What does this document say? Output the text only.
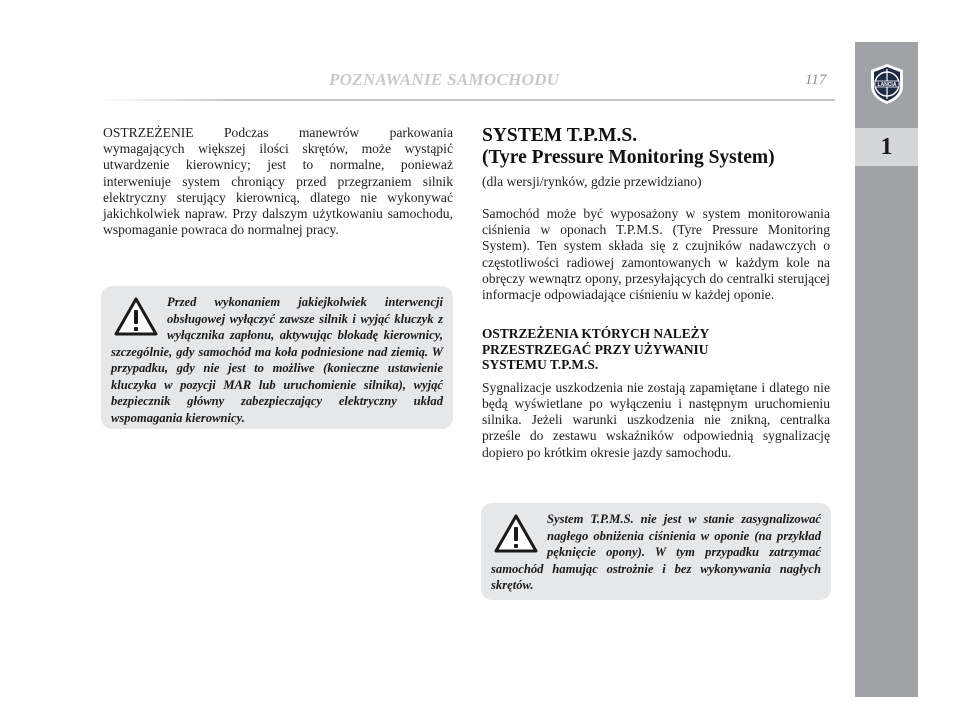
POZNAWANIE SAMOCHODU	117	LANCIA
1

OSTRZEŻENIE Podczas manewrów parkowania wymagających większej ilości skrętów, może wystąpić utwardzenie kierownicy; jest to normalne, ponieważ interweniuje system chroniący przed przegrzaniem silnik elektryczny sterujący kierownicą, dlatego nie wykonywać jakichkolwiek napraw. Przy dalszym użytkowaniu samochodu, wspomaganie powraca do normalnej pracy.

Przed wykonaniem jakiejkolwiek interwencji obsługowej wyłączyć zawsze silnik i wyjąć kluczyk z wyłącznika zapłonu, aktywując blokadę kierownicy, szczególnie, gdy samochód ma koła podniesione nad ziemią. W przypadku, gdy nie jest to możliwe (konieczne ustawienie kluczyka w pozycji MAR lub uruchomienie silnika), wyjąć bezpiecznik główny zabezpieczający elektryczny układ wspomagania kierownicy.

SYSTEM T.P.M.S.
(Tyre Pressure Monitoring System)

(dla wersji/rynków, gdzie przewidziano)

Samochód może być wyposażony w system monitorowania ciśnienia w oponach T.P.M.S. (Tyre Pressure Monitoring System). Ten system składa się z czujników nadawczych o częstotliwości radiowej zamontowanych w każdym kole na obręczy wewnątrz opony, przesyłających do centralki sterującej informacje odpowiadające ciśnieniu w każdej oponie.

OSTRZEŻENIA KTÓRYCH NALEŻY
PRZESTRZEGAĆ PRZY UŻYWANIU
SYSTEMU T.P.M.S.

Sygnalizacje uszkodzenia nie zostają zapamiętane i dlatego nie będą wyświetlane po wyłączeniu i następnym uruchomieniu silnika. Jeżeli warunki uszkodzenia nie znikną, centralka prześle do zestawu wskaźników odpowiednią sygnalizację dopiero po krótkim okresie jazdy samochodu.

System T.P.M.S. nie jest w stanie zasygnalizować nagłego obniżenia ciśnienia w oponie (na przykład pęknięcie opony). W tym przypadku zatrzymać samochód hamując ostrożnie i bez wykonywania nagłych skrętów.
